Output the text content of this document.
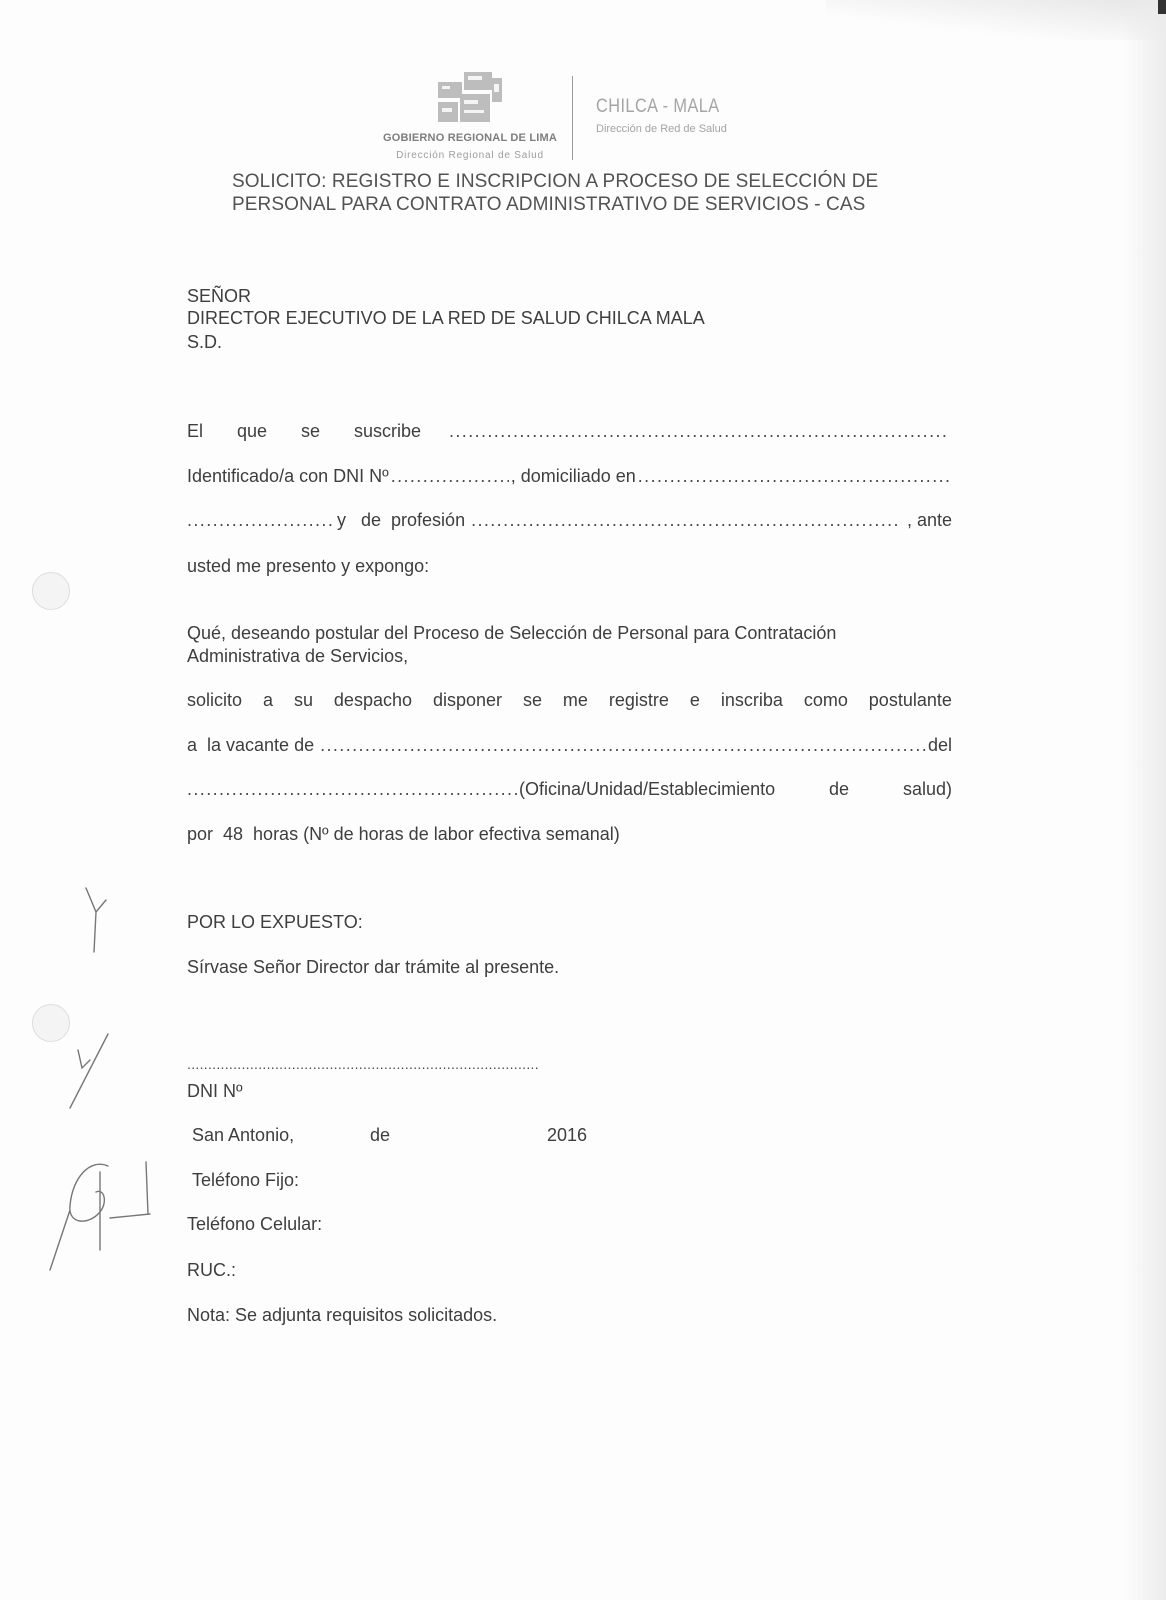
GOBIERNO REGIONAL DE LIMA
Dirección Regional de Salud
CHILCA - MALA
Dirección de Red de Salud
SOLICITO: REGISTRO E INSCRIPCION A PROCESO DE SELECCIÓN DE
PERSONAL PARA CONTRATO ADMINISTRATIVO DE SERVICIOS - CAS
SEÑOR
DIRECTOR EJECUTIVO DE LA RED DE SALUD CHILCA MALA
S.D.
El que se suscribe
.....
Identificado/a con DNI Nº .....	, domiciliado en
.....
.....
y   de  profesión .....	, ante
usted me presento y expongo:
Qué, deseando postular del Proceso de Selección de Personal para Contratación
Administrativa de Servicios,
solicito a su despacho disponer se me registre e inscriba como postulante
a  la vacante de .....	del
.....
(Oficina/Unidad/Establecimiento	de	salud)
por  48  horas (Nº de horas de labor efectiva semanal)
POR LO EXPUESTO:
Sírvase Señor Director dar trámite al presente.
.....
DNI Nº
San Antonio,	de	2016
Teléfono Fijo:
Teléfono Celular:
RUC.:
Nota: Se adjunta requisitos solicitados.
